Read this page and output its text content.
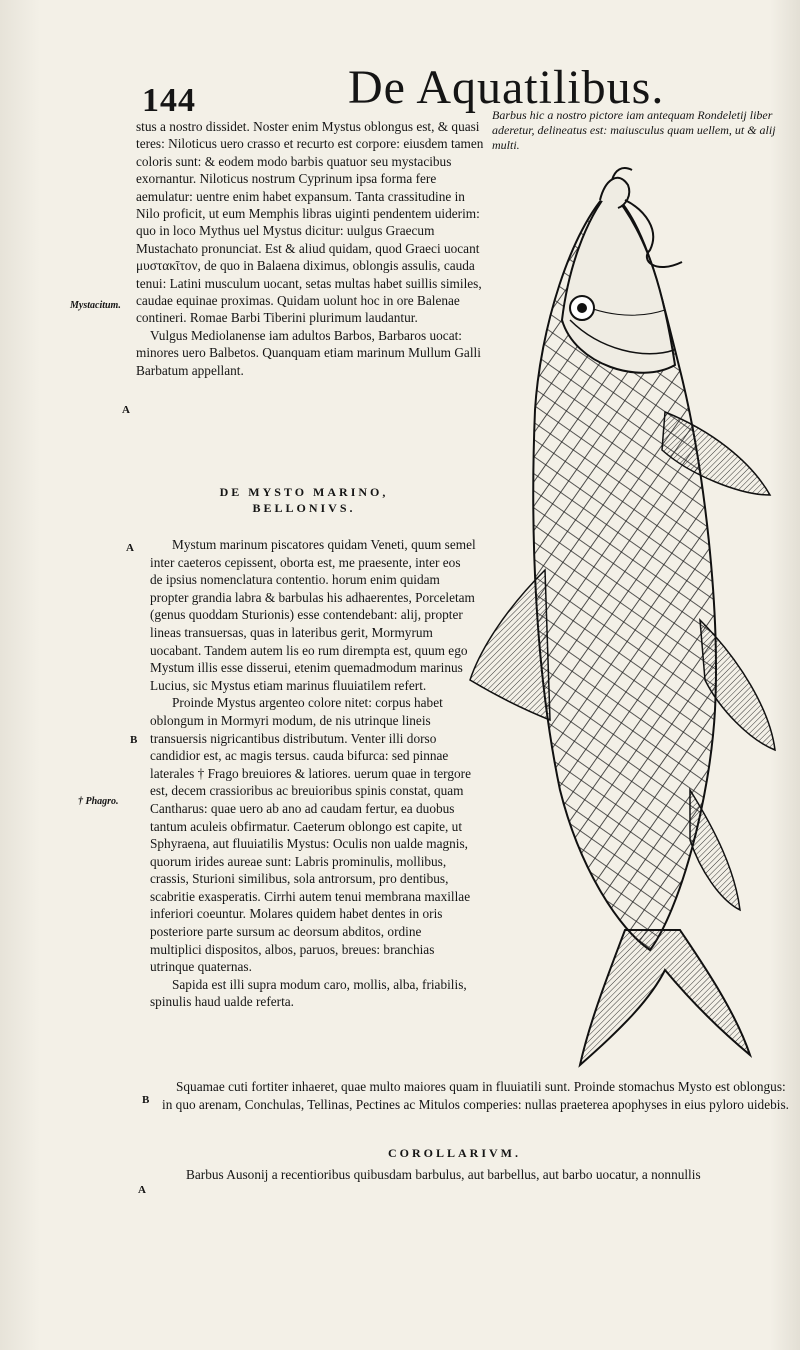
144	De Aquatilibus.
Barbus hic a nostro pictore iam antequam Rondeletij liber aderetur, delineatus est: maiusculus quam uellem, ut & alij multi.

stus a nostro dissidet. Noster enim Mystus oblongus est, & quasi teres: Niloticus uero crasso et recurto est corpore: eiusdem tamen coloris sunt: & eodem modo barbis quatuor seu mystacibus exornantur. Niloticus nostrum Cyprinum ipsa forma fere aemulatur: uentre enim habet expansum. Tanta crassitudine in Nilo proficit, ut eum Memphis libras uiginti pendentem uiderim: quo in loco Mythus uel Mystus dicitur: uulgus Graecum Mustachato pronunciat. Est & aliud quidam, quod Graeci uocant μυστακῖτον, de quo in Balaena diximus, oblongis assulis, cauda tenui: Latini musculum uocant, setas multas habet suillis similes, caudae equinae proximas. Quidam uolunt hoc in ore Balenae contineri. Romae Barbi Tiberini plurimum laudantur.

Vulgus Mediolanense iam adultos Barbos, Barbaros uocat: minores uero Balbetos. Quanquam etiam marinum Mullum Galli Barbatum appellant.

DE MYSTO MARINO,
BELLONIVS.

Mystum marinum piscatores quidam Veneti, quum semel inter caeteros cepissent, oborta est, me praesente, inter eos de ipsius nomenclatura contentio. horum enim quidam propter grandia labra & barbulas his adhaerentes, Porceletam (genus quoddam Sturionis) esse contendebant: alij, propter lineas transuersas, quas in lateribus gerit, Mormyrum uocabant. Tandem autem lis eo rum dirempta est, quum ego Mystum illis esse disserui, etenim quemadmodum marinus Lucius, sic Mystus etiam marinus fluuiatilem refert.

Proinde Mystus argenteo colore nitet: corpus habet oblongum in Mormyri modum, de nis utrinque lineis transuersis nigricantibus distributum. Venter illi dorso candidior est, ac magis tersus. cauda bifurca: sed pinnae laterales † Frago breuiores & latiores. uerum quae in tergore est, decem crassioribus ac breuioribus spinis constat, quam Cantharus: quae uero ab ano ad caudam fertur, ea duobus tantum aculeis obfirmatur. Caeterum oblongo est capite, ut Sphyraena, aut fluuiatilis Mystus: Oculis non ualde magnis, quorum irides aureae sunt: Labris prominulis, mollibus, crassis, Sturioni similibus, sola antrorsum, pro dentibus, scabritie exasperatis. Cirrhi autem tenui membrana maxillae inferiori coeuntur. Molares quidem habet dentes in oris posteriore parte sursum ac deorsum abditos, ordine multiplici dispositos, albos, paruos, breues: branchias utrinque quaternas.

Sapida est illi supra modum caro, mollis, alba, friabilis, spinulis haud ualde referta.

Squamae cuti fortiter inhaeret, quae multo maiores quam in fluuiatili sunt. Proinde stomachus Mysto est oblongus: in quo arenam, Conchulas, Tellinas, Pectines ac Mitulos comperies: nullas praeterea apophyses in eius pyloro uidebis.
COROLLARIVM.
Barbus Ausonij a recentioribus quibusdam barbulus, aut barbellus, aut barbo uocatur, a nonnullis
Mystacitum.
† Phagro.
A
A
B
B
A
